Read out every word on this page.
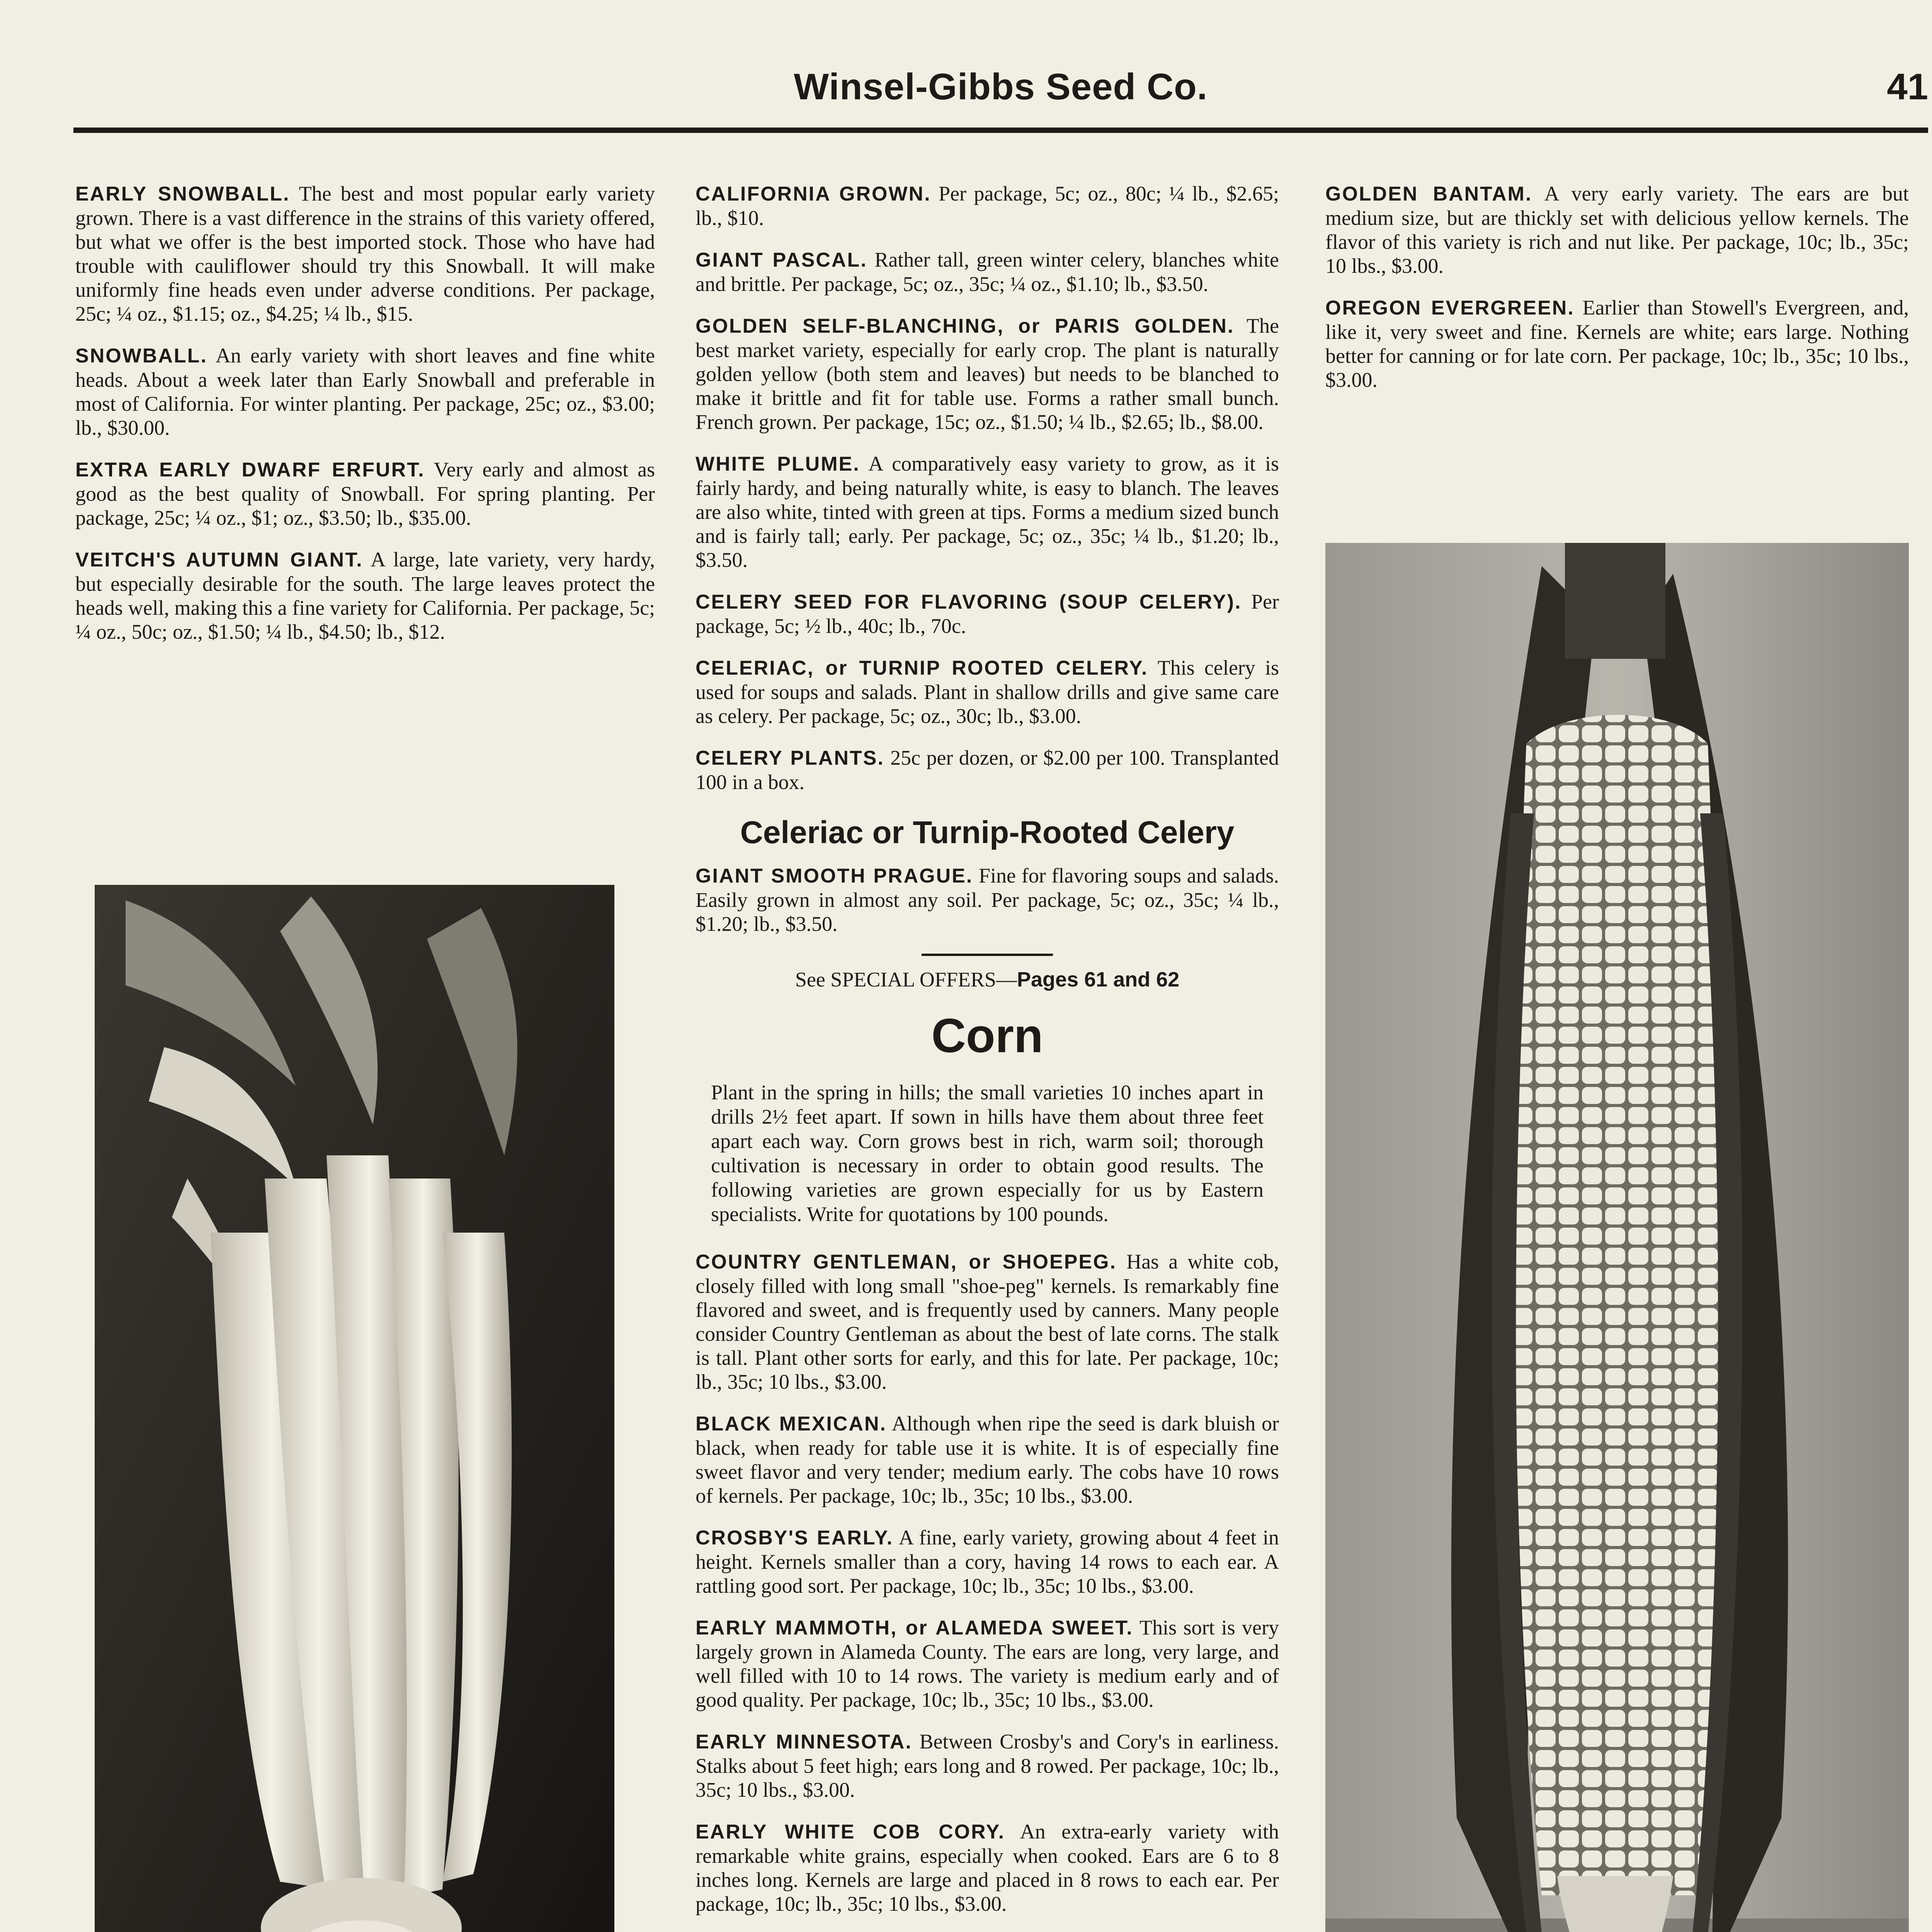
Winsel-Gibbs Seed Co.	41
EARLY SNOWBALL. The best and most popular early variety grown. There is a vast difference in the strains of this variety offered, but what we offer is the best imported stock. Those who have had trouble with cauliflower should try this Snowball. It will make uniformly fine heads even under adverse conditions. Per package, 25c; ¼ oz., $1.15; oz., $4.25; ¼ lb., $15.
SNOWBALL. An early variety with short leaves and fine white heads. About a week later than Early Snowball and preferable in most of California. For winter planting. Per package, 25c; oz., $3.00; lb., $30.00.
EXTRA EARLY DWARF ERFURT. Very early and almost as good as the best quality of Snowball. For spring planting. Per package, 25c; ¼ oz., $1; oz., $3.50; lb., $35.00.
VEITCH'S AUTUMN GIANT. A large, late variety, very hardy, but especially desirable for the south. The large leaves protect the heads well, making this a fine variety for California. Per package, 5c; ¼ oz., 50c; oz., $1.50; ¼ lb., $4.50; lb., $12.
CALIFORNIA GROWN. Per package, 5c; oz., 80c; ¼ lb., $2.65; lb., $10.
GIANT PASCAL. Rather tall, green winter celery, blanches white and brittle. Per package, 5c; oz., 35c; ¼ oz., $1.10; lb., $3.50.
GOLDEN SELF-BLANCHING, or PARIS GOLDEN. The best market variety, especially for early crop. The plant is naturally golden yellow (both stem and leaves) but needs to be blanched to make it brittle and fit for table use. Forms a rather small bunch. French grown. Per package, 15c; oz., $1.50; ¼ lb., $2.65; lb., $8.00.
WHITE PLUME. A comparatively easy variety to grow, as it is fairly hardy, and being naturally white, is easy to blanch. The leaves are also white, tinted with green at tips. Forms a medium sized bunch and is fairly tall; early. Per package, 5c; oz., 35c; ¼ lb., $1.20; lb., $3.50.
CELERY SEED FOR FLAVORING (SOUP CELERY). Per package, 5c; ½ lb., 40c; lb., 70c.
CELERIAC, or TURNIP ROOTED CELERY. This celery is used for soups and salads. Plant in shallow drills and give same care as celery. Per package, 5c; oz., 30c; lb., $3.00.
CELERY PLANTS. 25c per dozen, or $2.00 per 100. Transplanted 100 in a box.
Celeriac or Turnip-Rooted Celery
GIANT SMOOTH PRAGUE. Fine for flavoring soups and salads. Easily grown in almost any soil. Per package, 5c; oz., 35c; ¼ lb., $1.20; lb., $3.50.
See SPECIAL OFFERS—Pages 61 and 62
Corn
Plant in the spring in hills; the small varieties 10 inches apart in drills 2½ feet apart. If sown in hills have them about three feet apart each way. Corn grows best in rich, warm soil; thorough cultivation is necessary in order to obtain good results. The following varieties are grown especially for us by Eastern specialists. Write for quotations by 100 pounds.
COUNTRY GENTLEMAN, or SHOEPEG. Has a white cob, closely filled with long small "shoe-peg" kernels. Is remarkably fine flavored and sweet, and is frequently used by canners. Many people consider Country Gentleman as about the best of late corns. The stalk is tall. Plant other sorts for early, and this for late. Per package, 10c; lb., 35c; 10 lbs., $3.00.
BLACK MEXICAN. Although when ripe the seed is dark bluish or black, when ready for table use it is white. It is of especially fine sweet flavor and very tender; medium early. The cobs have 10 rows of kernels. Per package, 10c; lb., 35c; 10 lbs., $3.00.
CROSBY'S EARLY. A fine, early variety, growing about 4 feet in height. Kernels smaller than a cory, having 14 rows to each ear. A rattling good sort. Per package, 10c; lb., 35c; 10 lbs., $3.00.
EARLY MAMMOTH, or ALAMEDA SWEET. This sort is very largely grown in Alameda County. The ears are long, very large, and well filled with 10 to 14 rows. The variety is medium early and of good quality. Per package, 10c; lb., 35c; 10 lbs., $3.00.
EARLY MINNESOTA. Between Crosby's and Cory's in earliness. Stalks about 5 feet high; ears long and 8 rowed. Per package, 10c; lb., 35c; 10 lbs., $3.00.
EARLY WHITE COB CORY. An extra-early variety with remarkable white grains, especially when cooked. Ears are 6 to 8 inches long. Kernels are large and placed in 8 rows to each ear. Per package, 10c; lb., 35c; 10 lbs., $3.00.
GOLDEN BANTAM. A very early variety. The ears are but medium size, but are thickly set with delicious yellow kernels. The flavor of this variety is rich and nut like. Per package, 10c; lb., 35c; 10 lbs., $3.00.
OREGON EVERGREEN. Earlier than Stowell's Evergreen, and, like it, very sweet and fine. Kernels are white; ears large. Nothing better for canning or for late corn. Per package, 10c; lb., 35c; 10 lbs., $3.00.
